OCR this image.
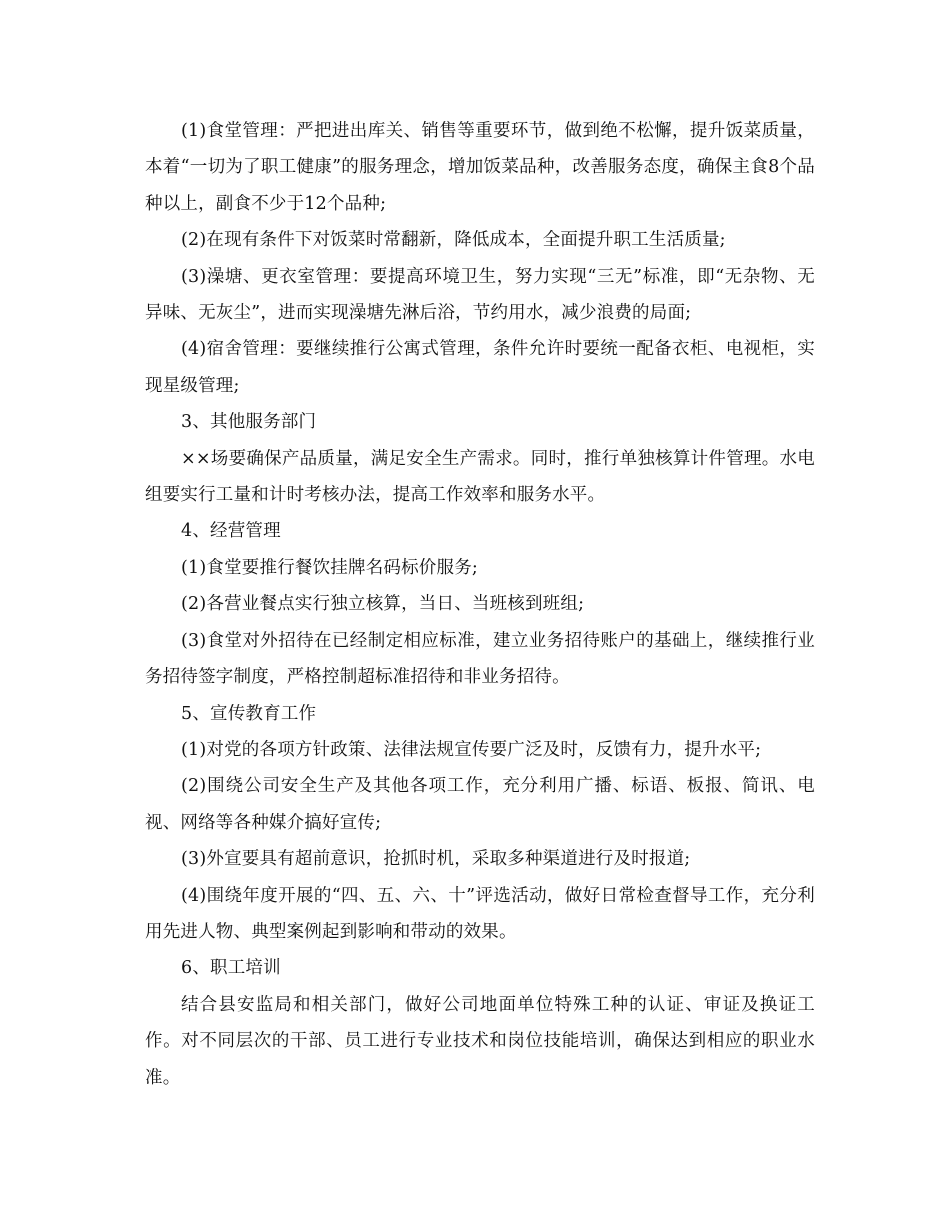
(1)食堂管理：严把进出库关、销售等重要环节，做到绝不松懈，提升饭菜质量，本着“一切为了职工健康”的服务理念，增加饭菜品种，改善服务态度，确保主食8个品种以上，副食不少于12个品种;

(2)在现有条件下对饭菜时常翻新，降低成本，全面提升职工生活质量;

(3)澡塘、更衣室管理：要提高环境卫生，努力实现“三无”标准，即“无杂物、无异味、无灰尘”，进而实现澡塘先淋后浴，节约用水，减少浪费的局面;

(4)宿舍管理：要继续推行公寓式管理，条件允许时要统一配备衣柜、电视柜，实现星级管理;

3、其他服务部门

××场要确保产品质量，满足安全生产需求。同时，推行单独核算计件管理。水电组要实行工量和计时考核办法，提高工作效率和服务水平。

4、经营管理

(1)食堂要推行餐饮挂牌名码标价服务;

(2)各营业餐点实行独立核算，当日、当班核到班组;

(3)食堂对外招待在已经制定相应标准，建立业务招待账户的基础上，继续推行业务招待签字制度，严格控制超标准招待和非业务招待。

5、宣传教育工作

(1)对党的各项方针政策、法律法规宣传要广泛及时，反馈有力，提升水平;

(2)围绕公司安全生产及其他各项工作，充分利用广播、标语、板报、简讯、电视、网络等各种媒介搞好宣传;

(3)外宣要具有超前意识，抢抓时机，采取多种渠道进行及时报道;

(4)围绕年度开展的“四、五、六、十”评选活动，做好日常检查督导工作，充分利用先进人物、典型案例起到影响和带动的效果。

6、职工培训

结合县安监局和相关部门，做好公司地面单位特殊工种的认证、审证及换证工作。对不同层次的干部、员工进行专业技术和岗位技能培训，确保达到相应的职业水准。
